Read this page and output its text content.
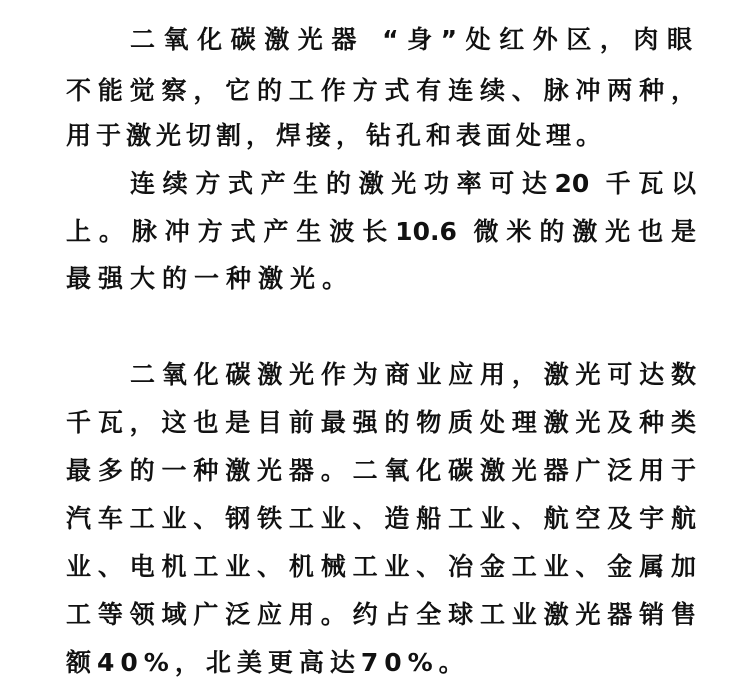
二氧化碳激光器 “身”处红外区，肉眼
不能觉察，它的工作方式有连续、脉冲两种，
用于激光切割，焊接，钻孔和表面处理。
连续方式产生的激光功率可达20 千瓦以
上。脉冲方式产生波长10.6 微米的激光也是
最强大的一种激光。
二氧化碳激光作为商业应用，激光可达数
千瓦，这也是目前最强的物质处理激光及种类
最多的一种激光器。二氧化碳激光器广泛用于
汽车工业、钢铁工业、造船工业、航空及宇航
业、电机工业、机械工业、冶金工业、金属加
工等领域广泛应用。约占全球工业激光器销售
额40%，北美更高达70%。
